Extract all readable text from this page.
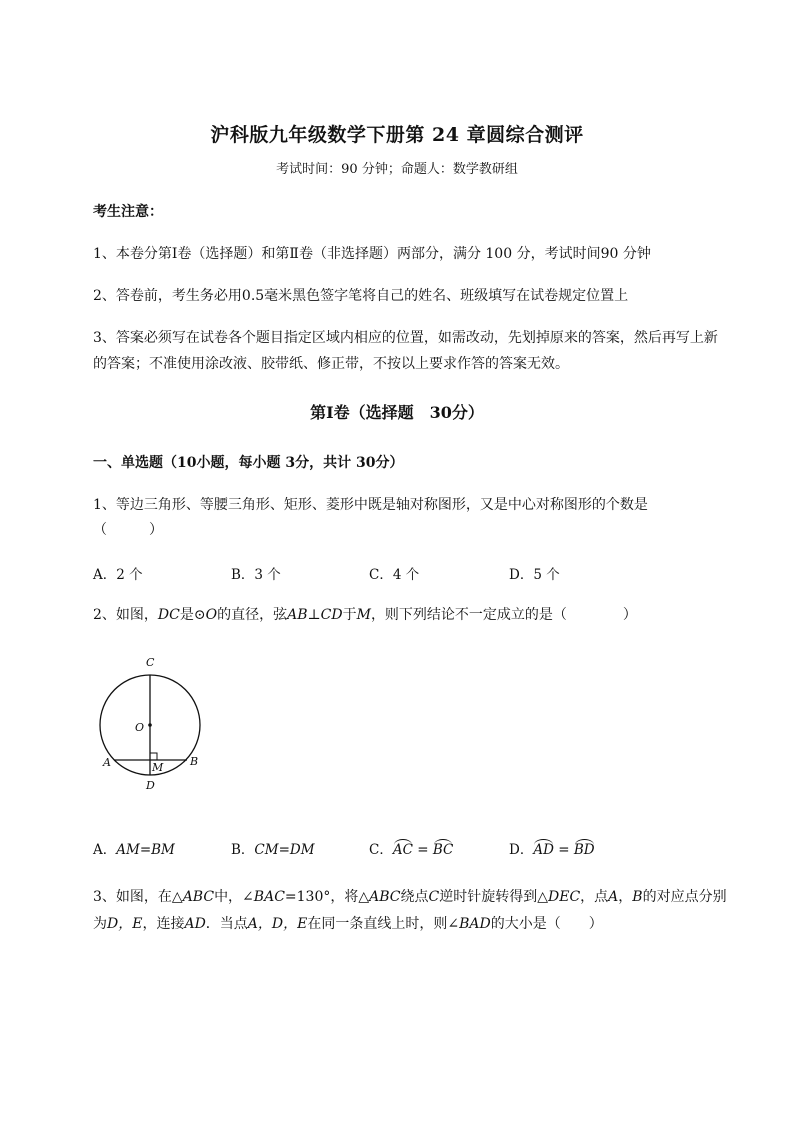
沪科版九年级数学下册第 24 章圆综合测评
考试时间：90 分钟；命题人：数学教研组
考生注意：
1、本卷分第Ⅰ卷（选择题）和第Ⅱ卷（非选择题）两部分，满分 100 分，考试时间90 分钟
2、答卷前，考生务必用0.5毫米黑色签字笔将自己的姓名、班级填写在试卷规定位置上
3、答案必须写在试卷各个题目指定区域内相应的位置，如需改动，先划掉原来的答案，然后再写上新
的答案；不准使用涂改液、胶带纸、修正带，不按以上要求作答的答案无效。
第Ⅰ卷（选择题　30分）
一、单选题（10小题，每小题 3分，共计 30分）
1、等边三角形、等腰三角形、矩形、菱形中既是轴对称图形，又是中心对称图形的个数是
（　　　）
A．2 个	B．3 个	C．4 个	D．5 个
2、如图，DC是⊙O的直径，弦AB⊥CD于M，则下列结论不一定成立的是（　　　　）
C
O
A	M B
D
A．AM=BM	B．CM=DM	C．AC = BC	D．AD = BD
3、如图，在△ABC中，∠BAC=130°，将△ABC绕点C逆时针旋转得到△DEC，点A，B的对应点分别
为D，E，连接AD．当点A，D，E在同一条直线上时，则∠BAD的大小是（　　）
